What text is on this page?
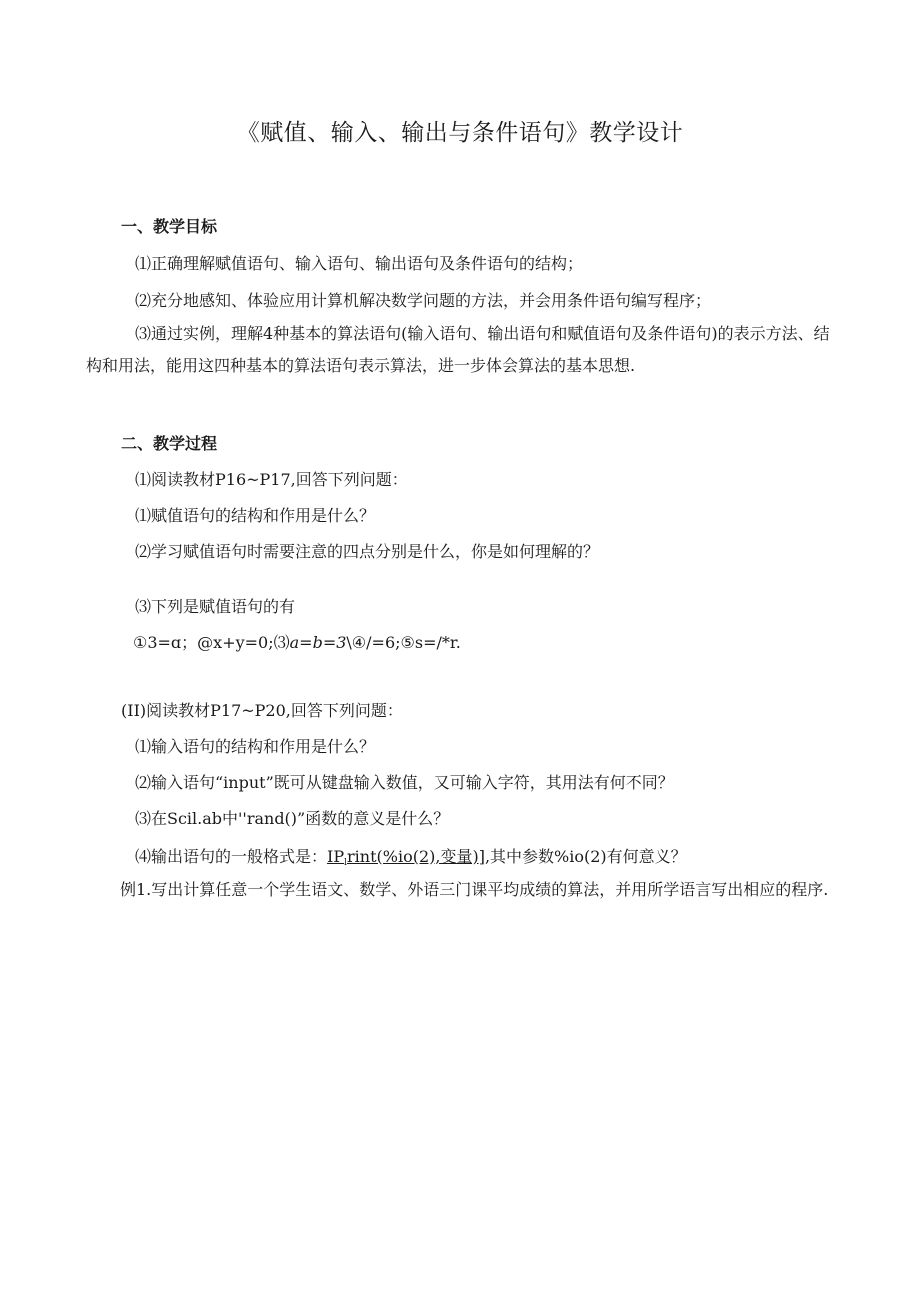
《赋值、输入、输出与条件语句》教学设计
一、教学目标
⑴正确理解赋值语句、输入语句、输出语句及条件语句的结构；
⑵充分地感知、体验应用计算机解决数学问题的方法，并会用条件语句编写程序；
⑶通过实例，理解4种基本的算法语句(输入语句、输出语句和赋值语句及条件语句)的表示方法、结构和用法，能用这四种基本的算法语句表示算法，进一步体会算法的基本思想.
二、教学过程
⑴阅读教材P16~P17,回答下列问题：
⑴赋值语句的结构和作用是什么？
⑵学习赋值语句时需要注意的四点分别是什么，你是如何理解的？
⑶下列是赋值语句的有
①3=ɑ；@x+y=0;⑶a=b=3\④/=6;⑤s=/*r.
(II)阅读教材P17~P20,回答下列问题：
⑴输入语句的结构和作用是什么？
⑵输入语句“input”既可从键盘输入数值，又可输入字符，其用法有何不同？
⑶在Scil.ab中''rand()”函数的意义是什么？
⑷输出语句的一般格式是：$IP_lrint(\%io(2)$,变量)],其中参数%io(2)有何意义？
例1.写出计算任意一个学生语文、数学、外语三门课平均成绩的算法，并用所学语言写出相应的程序.
